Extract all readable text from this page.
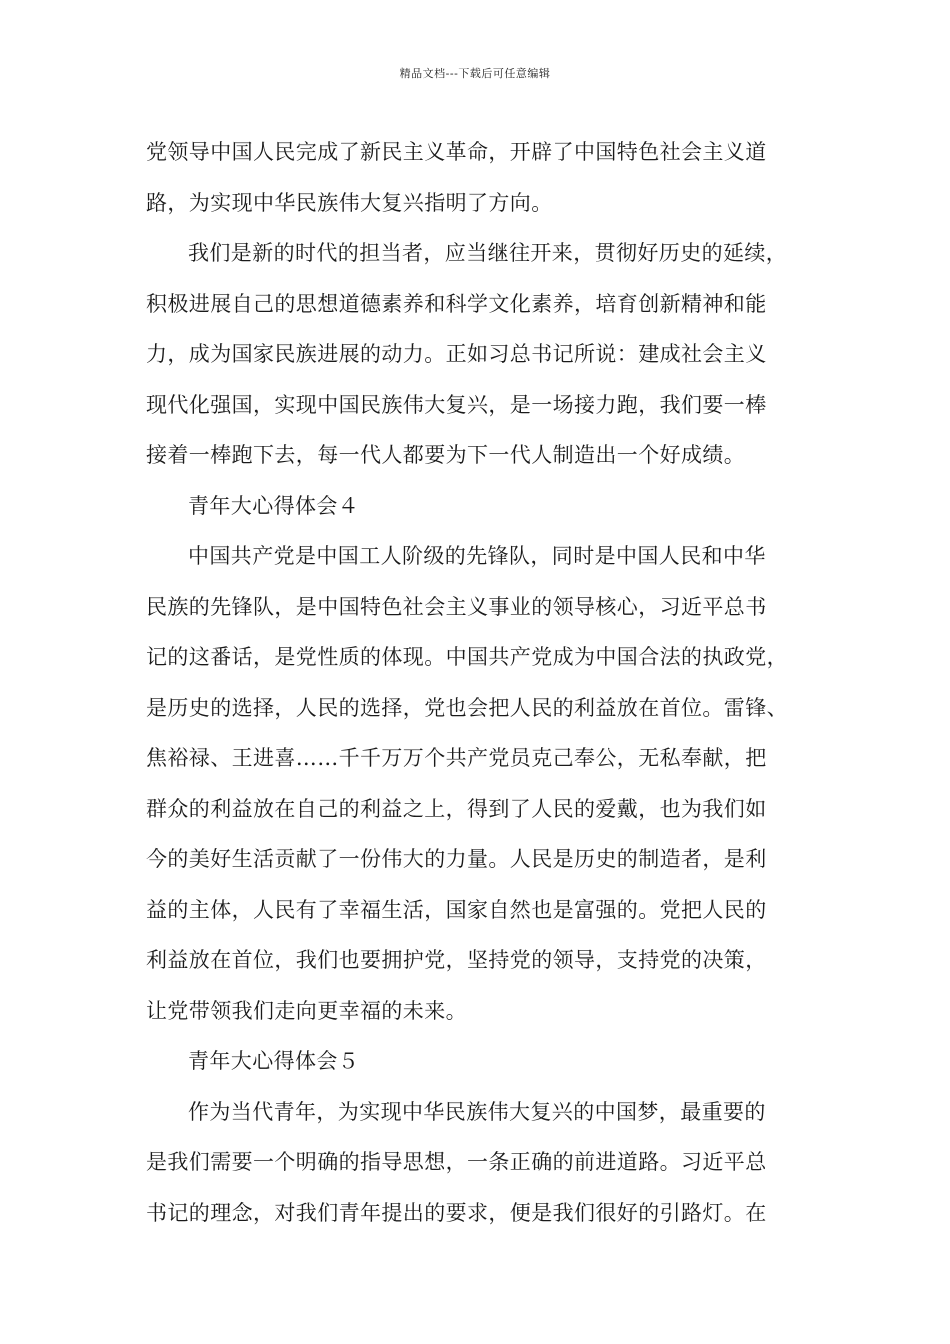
精品文档---下载后可任意编辑
党领导中国人民完成了新民主义革命，开辟了中国特色社会主义道
路，为实现中华民族伟大复兴指明了方向。
我们是新的时代的担当者，应当继往开来，贯彻好历史的延续，
积极进展自己的思想道德素养和科学文化素养，培育创新精神和能
力，成为国家民族进展的动力。正如习总书记所说：建成社会主义
现代化强国，实现中国民族伟大复兴，是一场接力跑，我们要一棒
接着一棒跑下去，每一代人都要为下一代人制造出一个好成绩。
青年大心得体会４
中国共产党是中国工人阶级的先锋队，同时是中国人民和中华
民族的先锋队，是中国特色社会主义事业的领导核心，习近平总书
记的这番话，是党性质的体现。中国共产党成为中国合法的执政党，
是历史的选择，人民的选择，党也会把人民的利益放在首位。雷锋、
焦裕禄、王进喜……千千万万个共产党员克己奉公，无私奉献，把
群众的利益放在自己的利益之上，得到了人民的爱戴，也为我们如
今的美好生活贡献了一份伟大的力量。人民是历史的制造者，是利
益的主体，人民有了幸福生活，国家自然也是富强的。党把人民的
利益放在首位，我们也要拥护党，坚持党的领导，支持党的决策，
让党带领我们走向更幸福的未来。
青年大心得体会５
作为当代青年，为实现中华民族伟大复兴的中国梦，最重要的
是我们需要一个明确的指导思想，一条正确的前进道路。习近平总
书记的理念，对我们青年提出的要求，便是我们很好的引路灯。在
